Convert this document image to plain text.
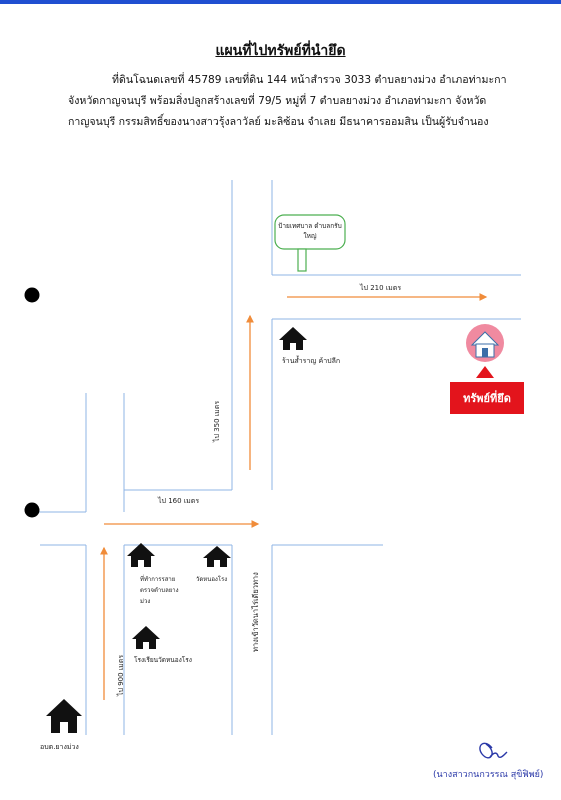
แผนที่ไปทรัพย์ที่นำยึด
ที่ดินโฉนดเลขที่ 45789 เลขที่ดิน 144 หน้าสำรวจ 3033 ตำบลยางม่วง อำเภอท่ามะกา จังหวัดกาญจนบุรี พร้อมสิ่งปลูกสร้างเลขที่ 79/5 หมู่ที่ 7 ตำบลยางม่วง อำเภอท่ามะกา จังหวัด กาญจนบุรี กรรมสิทธิ์ของนางสาวรุ้งลาวัลย์ มะลิซ้อน จำเลย มีธนาคารออมสิน เป็นผู้รับจำนอง
ป้ายเทศบาล ตำบลกรับใหญ่
ไป 210 เมตร
ไป 350 เมตร
ไป 160 เมตร
ไป 900 เมตร
ทางเข้าวัดนาไร่เดียวทาง
ร้านส้ำราญ ค้าปลีก
ทรัพย์ที่ยึด
ที่ทำการรสาย ตรวจตำบลยาง ม่วง
วัดหนองโรง
โรงเรียนวัดหนองโรง
อบต.ยางม่วง
(นางสาวกนกวรรณ สุขิฟิพย์)
